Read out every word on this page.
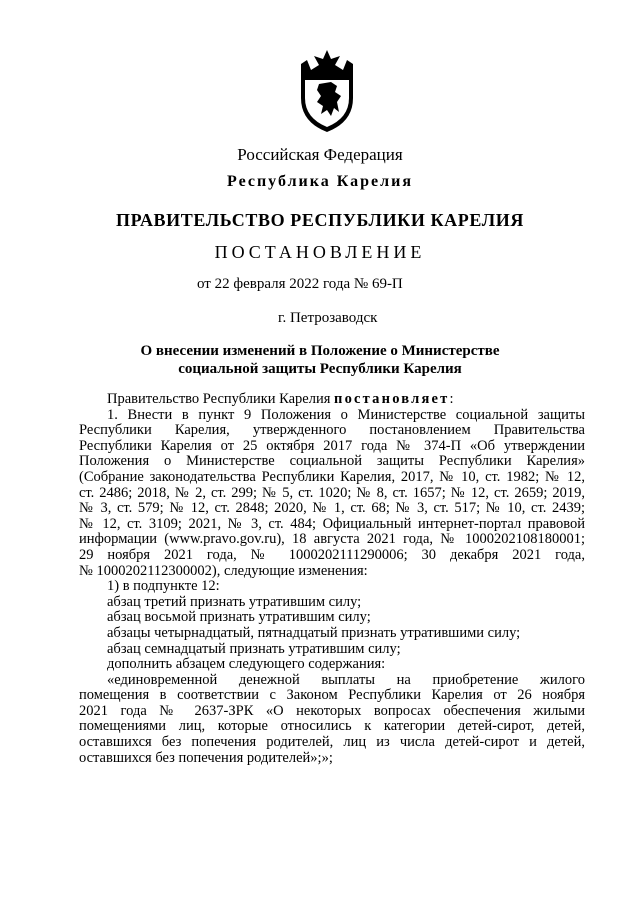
Российская Федерация
Республика Карелия
ПРАВИТЕЛЬСТВО РЕСПУБЛИКИ КАРЕЛИЯ
ПОСТАНОВЛЕНИЕ
от 22 февраля 2022 года № 69-П
г. Петрозаводск
О внесении изменений в Положение о Министерстве
социальной защиты Республики Карелия

Правительство Республики Карелия постановляет:

1. Внести в пункт 9 Положения о Министерстве социальной защиты

Республики Карелия, утвержденного постановлением Правительства

Республики Карелия от 25 октября 2017 года № 374-П «Об утверждении

Положения о Министерстве социальной защиты Республики Карелия»

(Собрание законодательства Республики Карелия, 2017, № 10, ст. 1982; № 12,

ст. 2486; 2018, № 2, ст. 299; № 5, ст. 1020; № 8, ст. 1657; № 12, ст. 2659; 2019,

№ 3, ст. 579; № 12, ст. 2848; 2020, № 1, ст. 68; № 3, ст. 517; № 10, ст. 2439;

№ 12, ст. 3109; 2021, № 3, ст. 484; Официальный интернет-портал правовой

информации (www.pravo.gov.ru), 18 августа 2021 года, № 1000202108180001;

29 ноября 2021 года, № 1000202111290006; 30 декабря 2021 года,

№ 1000202112300002), следующие изменения:

1) в подпункте 12:

абзац третий признать утратившим силу;

абзац восьмой признать утратившим силу;

абзацы четырнадцатый, пятнадцатый признать утратившими силу;

абзац семнадцатый признать утратившим силу;

дополнить абзацем следующего содержания:

«единовременной денежной выплаты на приобретение жилого

помещения в соответствии с Законом Республики Карелия от 26 ноября

2021 года № 2637-ЗРК «О некоторых вопросах обеспечения жилыми

помещениями лиц, которые относились к категории детей-сирот, детей,

оставшихся без попечения родителей, лиц из числа детей-сирот и детей,

оставшихся без попечения родителей»;»;
